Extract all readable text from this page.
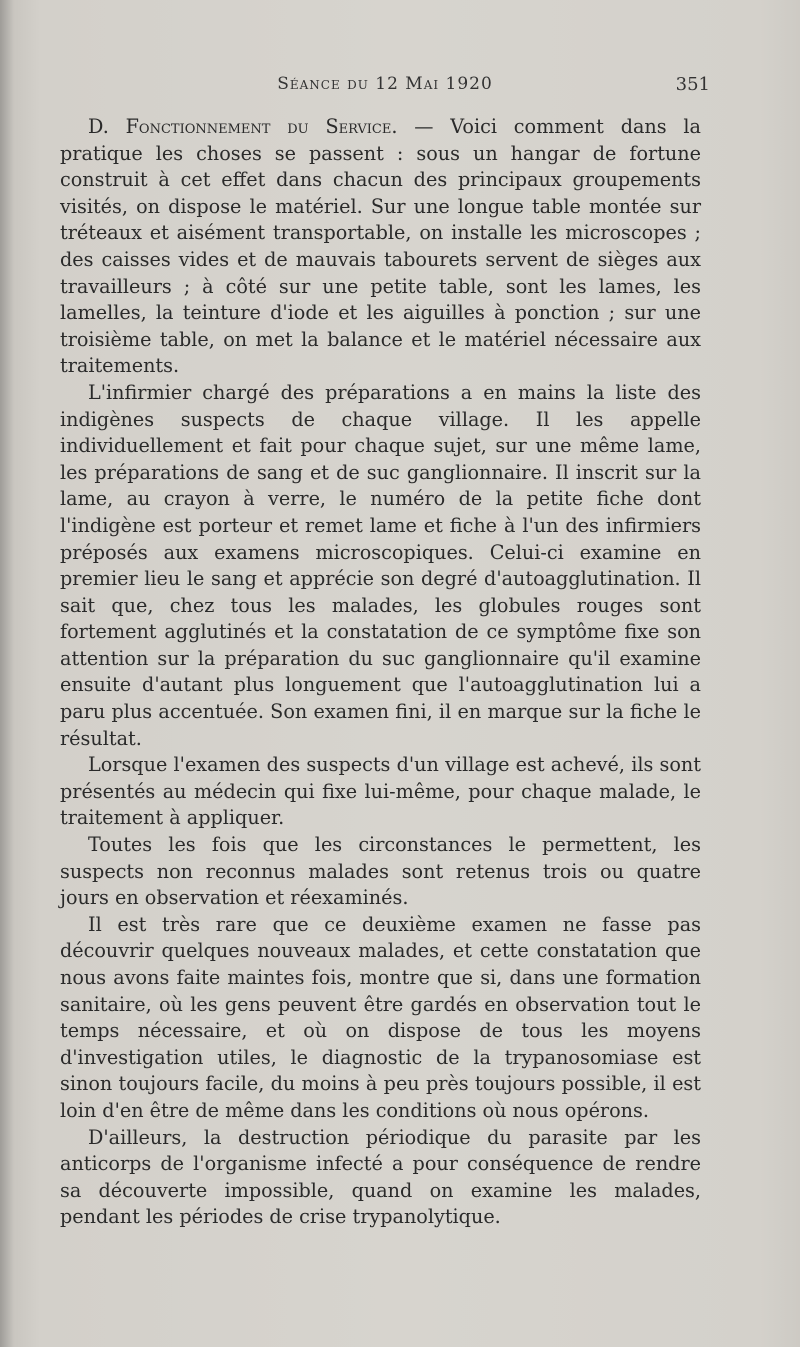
Séance du 12 Mai 1920	351

D. Fonctionnement du Service. — Voici comment dans la pratique les choses se passent : sous un hangar de fortune construit à cet effet dans chacun des principaux groupements visités, on dispose le matériel. Sur une longue table montée sur tréteaux et aisément transportable, on installe les microscopes ; des caisses vides et de mauvais tabourets servent de sièges aux travailleurs ; à côté sur une petite table, sont les lames, les lamelles, la teinture d'iode et les aiguilles à ponction ; sur une troisième table, on met la balance et le matériel nécessaire aux traitements.

L'infirmier chargé des préparations a en mains la liste des indigènes suspects de chaque village. Il les appelle individuellement et fait pour chaque sujet, sur une même lame, les préparations de sang et de suc ganglionnaire. Il inscrit sur la lame, au crayon à verre, le numéro de la petite fiche dont l'indigène est porteur et remet lame et fiche à l'un des infirmiers préposés aux examens microscopiques. Celui-ci examine en premier lieu le sang et apprécie son degré d'autoagglutination. Il sait que, chez tous les malades, les globules rouges sont fortement agglutinés et la constatation de ce symptôme fixe son attention sur la préparation du suc ganglionnaire qu'il examine ensuite d'autant plus longuement que l'autoagglutination lui a paru plus accentuée. Son examen fini, il en marque sur la fiche le résultat.

Lorsque l'examen des suspects d'un village est achevé, ils sont présentés au médecin qui fixe lui-même, pour chaque malade, le traitement à appliquer.

Toutes les fois que les circonstances le permettent, les suspects non reconnus malades sont retenus trois ou quatre jours en observation et réexaminés.

Il est très rare que ce deuxième examen ne fasse pas découvrir quelques nouveaux malades, et cette constatation que nous avons faite maintes fois, montre que si, dans une formation sanitaire, où les gens peuvent être gardés en observation tout le temps nécessaire, et où on dispose de tous les moyens d'investigation utiles, le diagnostic de la trypanosomiase est sinon toujours facile, du moins à peu près toujours possible, il est loin d'en être de même dans les conditions où nous opérons.

D'ailleurs, la destruction périodique du parasite par les anticorps de l'organisme infecté a pour conséquence de rendre sa découverte impossible, quand on examine les malades, pendant les périodes de crise trypanolytique.
